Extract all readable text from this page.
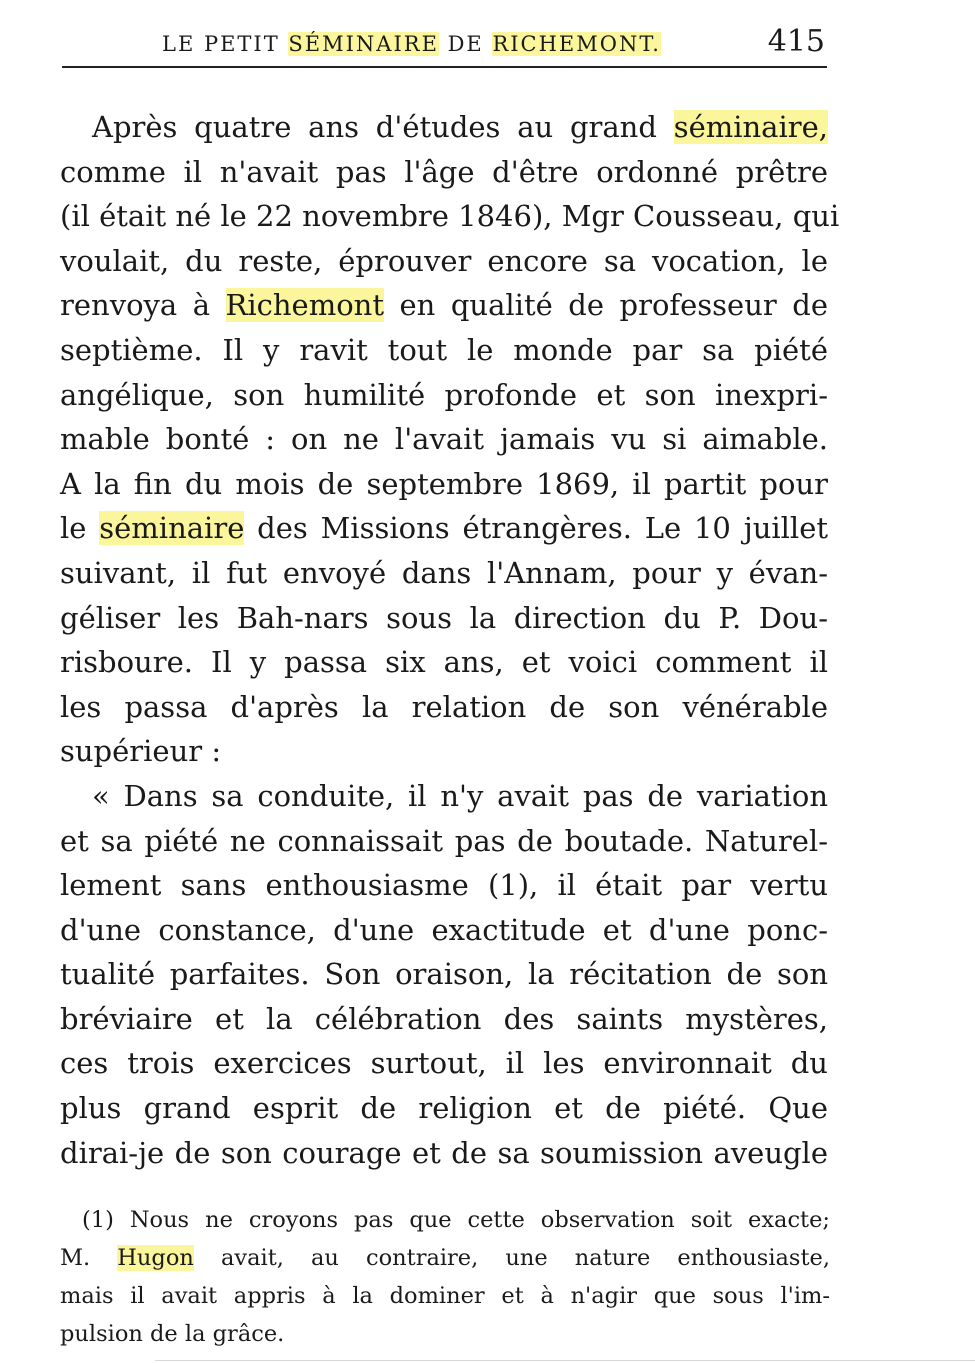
LE PETIT SÉMINAIRE DE RICHEMONT.	415
Après quatre ans d'études au grand séminaire,
comme il n'avait pas l'âge d'être ordonné prêtre
(il était né le 22 novembre 1846), Mgr Cousseau, qui
voulait, du reste, éprouver encore sa vocation, le
renvoya à Richemont en qualité de professeur de
septième. Il y ravit tout le monde par sa piété
angélique, son humilité profonde et son inexpri-
mable bonté : on ne l'avait jamais vu si aimable.
A la fin du mois de septembre 1869, il partit pour
le séminaire des Missions étrangères. Le 10 juillet
suivant, il fut envoyé dans l'Annam, pour y évan-
géliser les Bah-nars sous la direction du P. Dou-
risboure. Il y passa six ans, et voici comment il
les passa d'après la relation de son vénérable
supérieur :
« Dans sa conduite, il n'y avait pas de variation
et sa piété ne connaissait pas de boutade. Naturel-
lement sans enthousiasme (1), il était par vertu
d'une constance, d'une exactitude et d'une ponc-
tualité parfaites. Son oraison, la récitation de son
bréviaire et la célébration des saints mystères,
ces trois exercices surtout, il les environnait du
plus grand esprit de religion et de piété. Que
dirai-je de son courage et de sa soumission aveugle
(1) Nous ne croyons pas que cette observation soit exacte;
M. Hugon avait, au contraire, une nature enthousiaste,
mais il avait appris à la dominer et à n'agir que sous l'im-
pulsion de la grâce.
